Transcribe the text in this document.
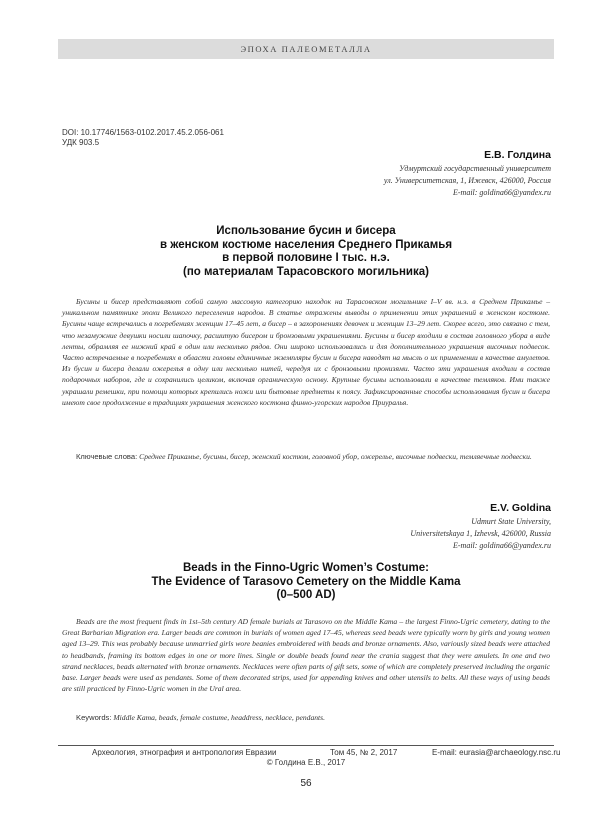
ЭПОХА ПАЛЕОМЕТАЛЛА
DOI: 10.17746/1563-0102.2017.45.2.056-061
УДК 903.5
Е.В. Голдина
Удмуртский государственный университет
ул. Университетская, 1, Ижевск, 426000, Россия
E-mail: goldina66@yandex.ru
Использование бусин и бисера
в женском костюме населения Среднего Прикамья
в первой половине I тыс. н.э.
(по материалам Тарасовского могильника)
Бусины и бисер представляют собой самую массовую категорию находок на Тарасовском могильнике I–V вв. н.э. в Среднем Прикамье – уникальном памятнике эпохи Великого переселения народов. В статье отражены выводы о применении этих украшений в женском костюме. Бусины чаще встречались в погребениях женщин 17–45 лет, а бисер – в захоронениях девочек и женщин 13–29 лет. Скорее всего, это связано с тем, что незамужние девушки носили шапочку, расшитую бисером и бронзовыми украшениями. Бусины и бисер входили в состав головного убора в виде ленты, обрамляя ее нижний край в один или несколько рядов. Они широко использовались и для дополнительного украшения височных подвесок. Часто встречаемые в погребениях в области головы единичные экземпляры бусин и бисера наводят на мысль о их применении в качестве амулетов. Из бусин и бисера делали ожерелья в одну или несколько нитей, чередуя их с бронзовыми пронизями. Часто эти украшения входили в состав подарочных наборов, где и сохранились целиком, включая органическую основу. Крупные бусины использовали в качестве темляков. Ими также украшали ремешки, при помощи которых крепились ножи или бытовые предметы к поясу. Зафиксированные способы использования бусин и бисера имеют свое продолжение в традициях украшения женского костюма финно-угорских народов Приуралья.
Ключевые слова: Среднее Прикамье, бусины, бисер, женский костюм, головной убор, ожерелье, височные подвески, темляечные подвески.
E.V. Goldina
Udmurt State University,
Universitetskaya 1, Izhevsk, 426000, Russia
E-mail: goldina66@yandex.ru
Beads in the Finno-Ugric Women’s Costume:
The Evidence of Tarasovo Cemetery on the Middle Kama
(0–500 AD)
Beads are the most frequent finds in 1st–5th century AD female burials at Tarasovo on the Middle Kama – the largest Finno-Ugric cemetery, dating to the Great Barbarian Migration era. Larger beads are common in burials of women aged 17–45, whereas seed beads were typically worn by girls and young women aged 13–29. This was probably because unmarried girls wore beanies embroidered with beads and bronze ornaments. Also, variously sized beads were attached to headbands, framing its bottom edges in one or more lines. Single or double beads found near the crania suggest that they were amulets. In one and two strand necklaces, beads alternated with bronze ornaments. Necklaces were often parts of gift sets, some of which are completely preserved including the organic base. Larger beads were used as pendants. Some of them decorated strips, used for appending knives and other utensils to belts. All these ways of using beads are still practiced by Finno-Ugric women in the Ural area.
Keywords: Middle Kama, beads, female costume, headdress, necklace, pendants.
Археология, этнография и антропология Евразии	Том 45, № 2, 2017	E-mail: eurasia@archaeology.nsc.ru
© Голдина Е.В., 2017
56
